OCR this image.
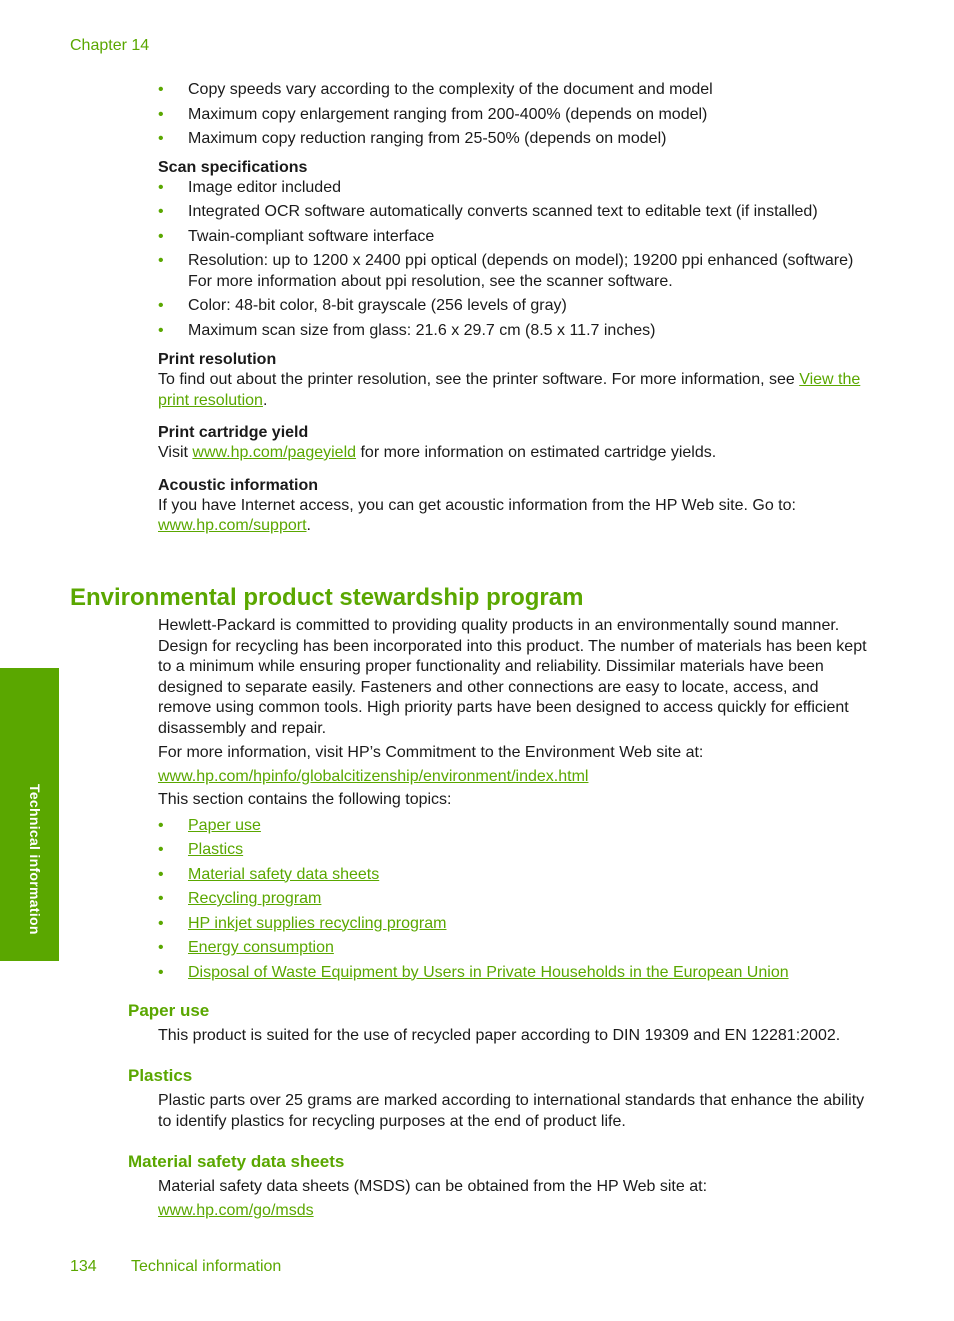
Chapter 14
• Copy speeds vary according to the complexity of the document and model
• Maximum copy enlargement ranging from 200-400% (depends on model)
• Maximum copy reduction ranging from 25-50% (depends on model)
Scan specifications
• Image editor included
• Integrated OCR software automatically converts scanned text to editable text (if installed)
• Twain-compliant software interface
• Resolution: up to 1200 x 2400 ppi optical (depends on model); 19200 ppi enhanced (software)
For more information about ppi resolution, see the scanner software.
• Color: 48-bit color, 8-bit grayscale (256 levels of gray)
• Maximum scan size from glass: 21.6 x 29.7 cm (8.5 x 11.7 inches)
Print resolution

To find out about the printer resolution, see the printer software. For more information, see View the print resolution.

Print cartridge yield

Visit www.hp.com/pageyield for more information on estimated cartridge yields.

Acoustic information

If you have Internet access, you can get acoustic information from the HP Web site. Go to:
www.hp.com/support.

Environmental product stewardship program

Hewlett-Packard is committed to providing quality products in an environmentally sound manner. Design for recycling has been incorporated into this product. The number of materials has been kept to a minimum while ensuring proper functionality and reliability. Dissimilar materials have been designed to separate easily. Fasteners and other connections are easy to locate, access, and remove using common tools. High priority parts have been designed to access quickly for efficient disassembly and repair.

For more information, visit HP’s Commitment to the Environment Web site at:

www.hp.com/hpinfo/globalcitizenship/environment/index.html

This section contains the following topics:

• Paper use
• Plastics
• Material safety data sheets
• Recycling program
• HP inkjet supplies recycling program
• Energy consumption
• Disposal of Waste Equipment by Users in Private Households in the European Union
Paper use

This product is suited for the use of recycled paper according to DIN 19309 and EN 12281:2002.

Plastics

Plastic parts over 25 grams are marked according to international standards that enhance the ability to identify plastics for recycling purposes at the end of product life.

Material safety data sheets

Material safety data sheets (MSDS) can be obtained from the HP Web site at:

www.hp.com/go/msds

Technical information
134 Technical information
